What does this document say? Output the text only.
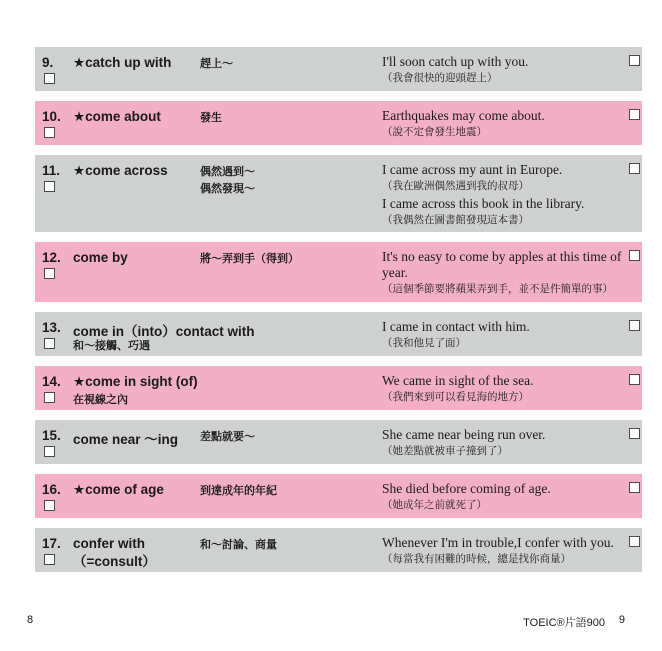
9. ★catch up with	趕上～	I'll soon catch up with you.
（我會很快的迎頭趕上）
10. ★come about	發生	Earthquakes may come about.
（說不定會發生地震）
11. ★come across	偶然遇到～
偶然發現～
I came across my aunt in Europe.
（我在歐洲偶然遇到我的叔母）
I came across this book in the library.
（我偶然在圖書館發現這本書）
12. come by	將～弄到手（得到）	It's no easy to come by apples at this time of year.
（這個季節要將蘋果弄到手，並不是件簡單的事）
13. come in（into）contact with
和～接觸、巧遇
I came in contact with him.
（我和他見了面）
14. ★come in sight (of)
在視線之內
We came in sight of the sea.
（我們來到可以看見海的地方）
15. come near ～ing 差點就要～	She came near being run over.
（她差點就被車子撞到了）
16. ★come of age	到達成年的年紀	She died before coming of age.
（她成年之前就死了）
17. confer with
（=consult）
和～討論、商量	Whenever I'm in trouble,I confer with you.
（每當我有困難的時候，總是找你商量）
8	TOEIC®片語900 9
